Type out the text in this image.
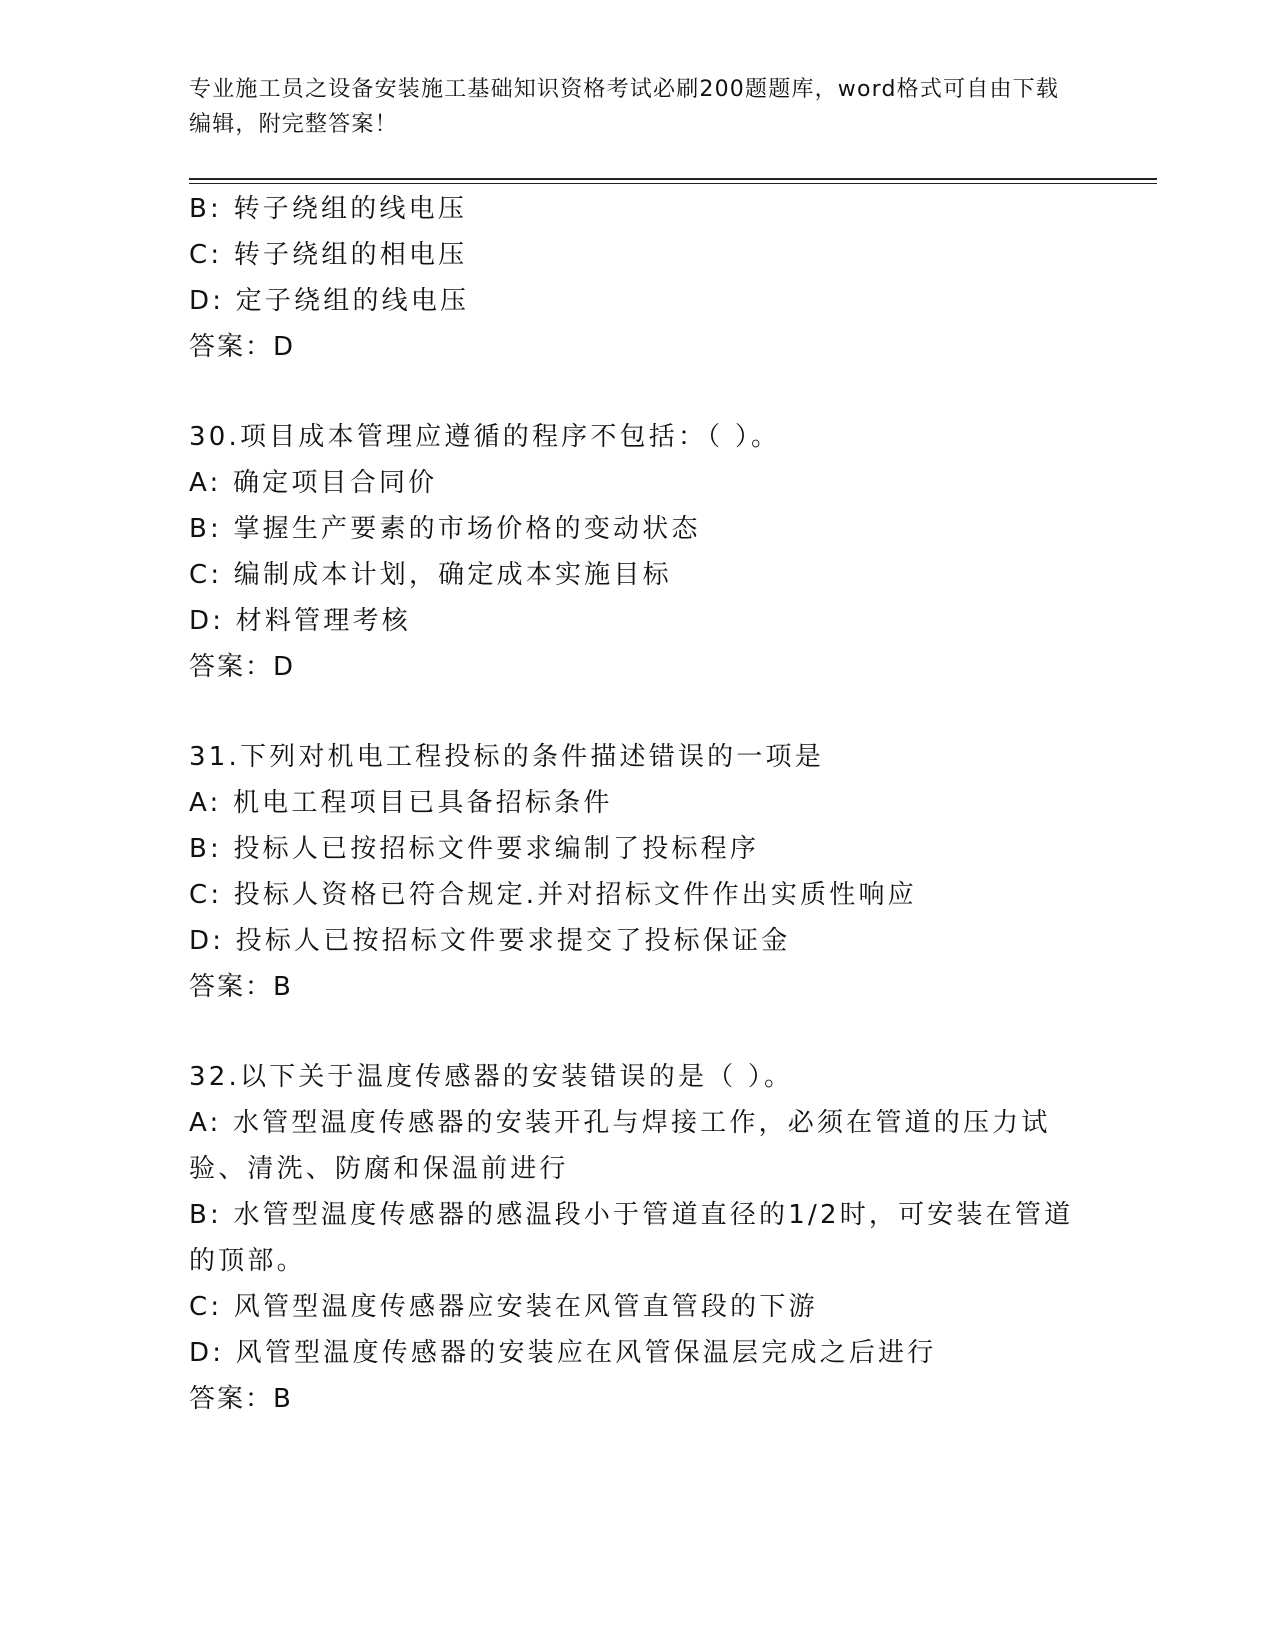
专业施工员之设备安装施工基础知识资格考试必刷200题题库，word格式可自由下载编辑，附完整答案！
B: 转子绕组的线电压
C: 转子绕组的相电压
D: 定子绕组的线电压
答案：D
30.项目成本管理应遵循的程序不包括：（ ）。
A: 确定项目合同价
B: 掌握生产要素的市场价格的变动状态
C: 编制成本计划，确定成本实施目标
D: 材料管理考核
答案：D
31.下列对机电工程投标的条件描述错误的一项是
A: 机电工程项目已具备招标条件
B: 投标人已按招标文件要求编制了投标程序
C: 投标人资格已符合规定.并对招标文件作出实质性响应
D: 投标人已按招标文件要求提交了投标保证金
答案：B
32.以下关于温度传感器的安装错误的是（ ）。
A: 水管型温度传感器的安装开孔与焊接工作，必须在管道的压力试验、清洗、防腐和保温前进行
B: 水管型温度传感器的感温段小于管道直径的1/2时，可安装在管道的顶部。
C: 风管型温度传感器应安装在风管直管段的下游
D: 风管型温度传感器的安装应在风管保温层完成之后进行
答案：B
